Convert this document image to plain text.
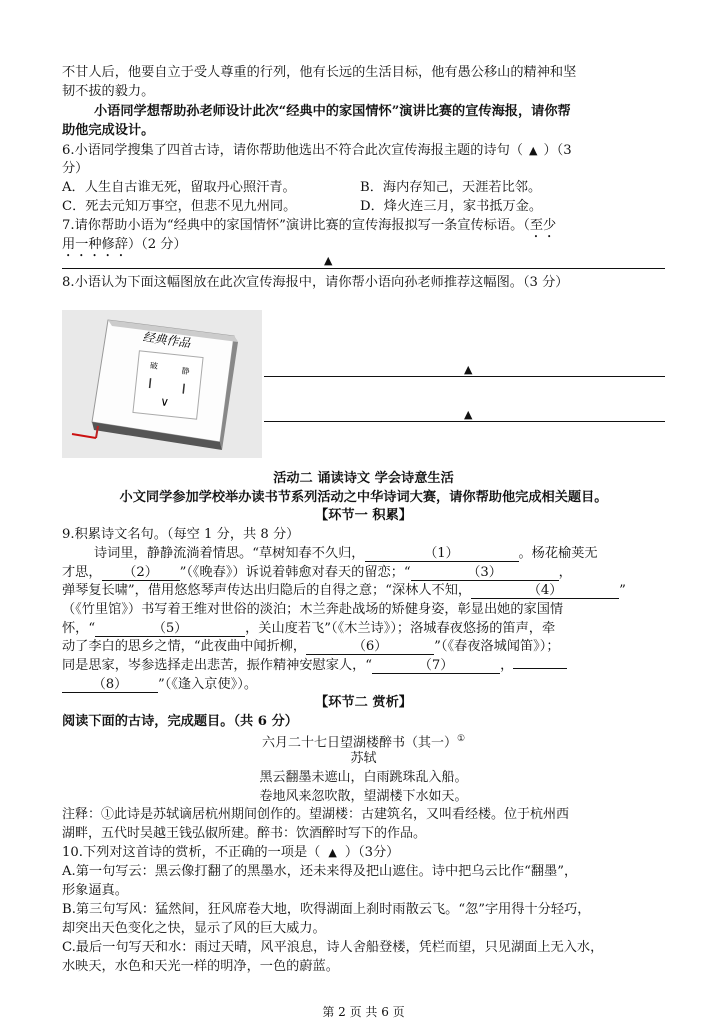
不甘人后，他要自立于受人尊重的行列，他有长远的生活目标，他有愚公移山的精神和坚
韧不拔的毅力。
小语同学想帮助孙老师设计此次“经典中的家国情怀”演讲比赛的宣传海报，请你帮
助他完成设计。
6.小语同学搜集了四首古诗，请你帮助他选出不符合此次宣传海报主题的诗句（ ▲ ）（3
分）
A．人生自古谁无死，留取丹心照汗青。	B．海内存知己，天涯若比邻。
C．死去元知万事空，但悲不见九州同。	D．烽火连三月，家书抵万金。
7.请你帮助小语为“经典中的家国情怀”演讲比赛的宣传海报拟写一条宣传标语。（至少
用一种修辞）（2 分）
▲
8.小语认为下面这幅图放在此次宣传海报中，请你帮小语向孙老师推荐这幅图。（3 分）
经典作品
破
静
∨
▲
▲
活动二 诵读诗文 学会诗意生活
小文同学参加学校举办读书节系列活动之中华诗词大赛，请你帮助他完成相关题目。
【环节一 积累】
9.积累诗文名句。（每空 1 分，共 8 分）
诗词里，静静流淌着情思。“草树知春不久归，	（1）	。杨花榆荚无
才思， （2） ”（《晚春》）诉说着韩愈对春天的留恋；“	（3）	，
弹琴复长啸”，借用悠悠琴声传达出归隐后的自得之意；“深林人不知，	（4）	”
（《竹里馆》）书写着王维对世俗的淡泊；木兰奔赴战场的矫健身姿，彰显出她的家国情
怀，“	（5）	，关山度若飞”（《木兰诗》）；洛城春夜悠扬的笛声，牵
动了李白的思乡之情，“此夜曲中闻折柳，	（6）	”（《春夜洛城闻笛》）；
同是思家，岑参选择走出悲苦，振作精神安慰家人，“	（7）	，
（8） ”（《逢入京使》）。
【环节二 赏析】
阅读下面的古诗，完成题目。（共 6 分）
六月二十七日望湖楼醉书（其一）①
苏轼
黑云翻墨未遮山，白雨跳珠乱入船。
卷地风来忽吹散，望湖楼下水如天。
注释：①此诗是苏轼谪居杭州期间创作的。望湖楼：古建筑名，又叫看经楼。位于杭州西
湖畔，五代时吴越王钱弘俶所建。醉书：饮酒醉时写下的作品。
10.下列对这首诗的赏析，不正确的一项是（ ▲ ）（3分）
A.第一句写云：黑云像打翻了的黑墨水，还未来得及把山遮住。诗中把乌云比作“翻墨”，
形象逼真。
B.第三句写风：猛然间，狂风席卷大地，吹得湖面上刹时雨散云飞。“忽”字用得十分轻巧，
却突出天色变化之快，显示了风的巨大威力。
C.最后一句写天和水：雨过天晴，风平浪息，诗人舍船登楼，凭栏而望，只见湖面上无入水，
水映天，水色和天光一样的明净，一色的蔚蓝。
第 2 页 共 6 页
